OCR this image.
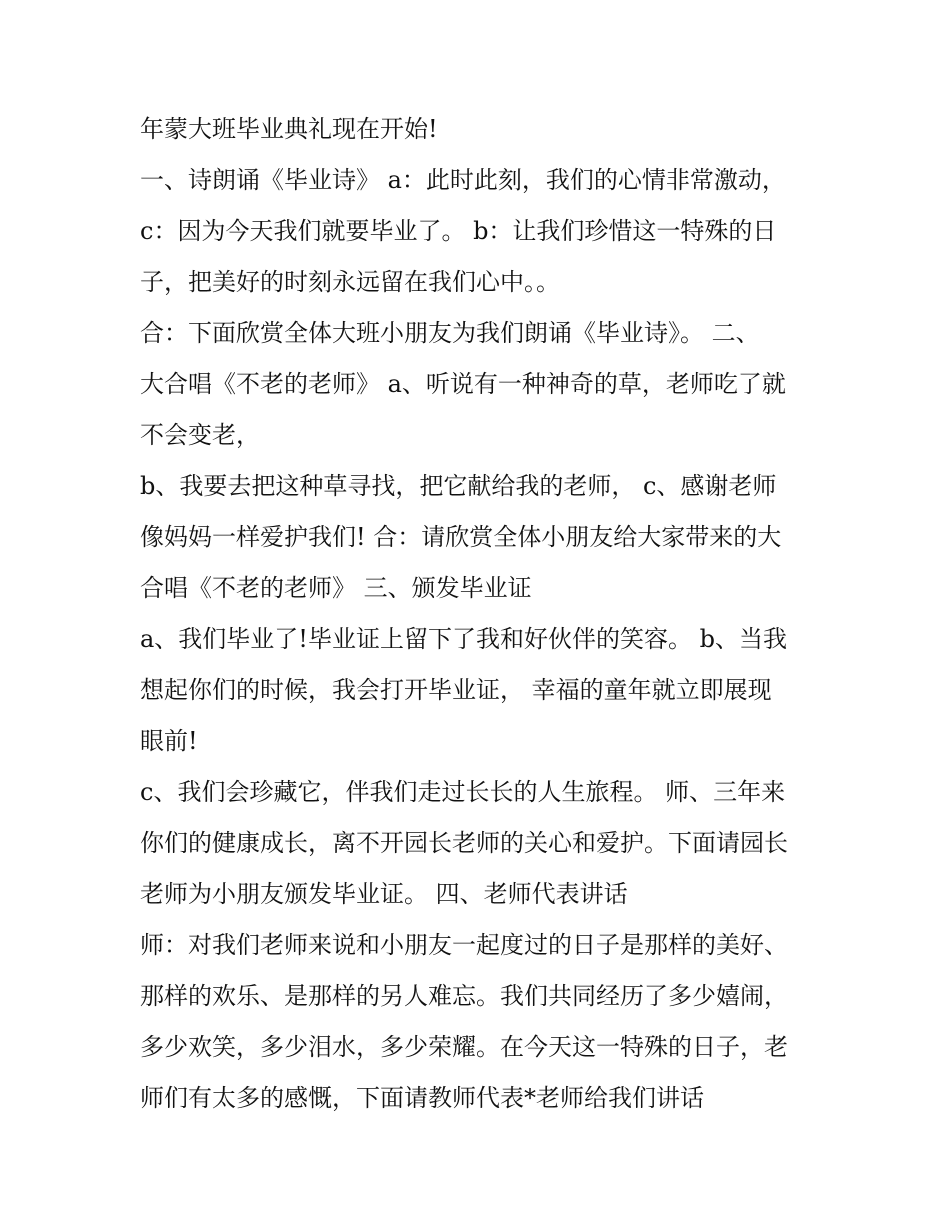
年蒙大班毕业典礼现在开始!
一、诗朗诵《毕业诗》 a：此时此刻，我们的心情非常激动，
c：因为今天我们就要毕业了。 b：让我们珍惜这一特殊的日
子，把美好的时刻永远留在我们心中。。
合：下面欣赏全体大班小朋友为我们朗诵《毕业诗》。 二、
大合唱《不老的老师》 a、听说有一种神奇的草，老师吃了就
不会变老，
b、我要去把这种草寻找，把它献给我的老师， c、感谢老师
像妈妈一样爱护我们! 合：请欣赏全体小朋友给大家带来的大
合唱《不老的老师》 三、颁发毕业证
a、我们毕业了!毕业证上留下了我和好伙伴的笑容。 b、当我
想起你们的时候，我会打开毕业证， 幸福的童年就立即展现
眼前!
c、我们会珍藏它，伴我们走过长长的人生旅程。 师、三年来
你们的健康成长，离不开园长老师的关心和爱护。下面请园长
老师为小朋友颁发毕业证。 四、老师代表讲话
师：对我们老师来说和小朋友一起度过的日子是那样的美好、
那样的欢乐、是那样的另人难忘。我们共同经历了多少嬉闹，
多少欢笑，多少泪水，多少荣耀。在今天这一特殊的日子，老
师们有太多的感慨，下面请教师代表*老师给我们讲话
